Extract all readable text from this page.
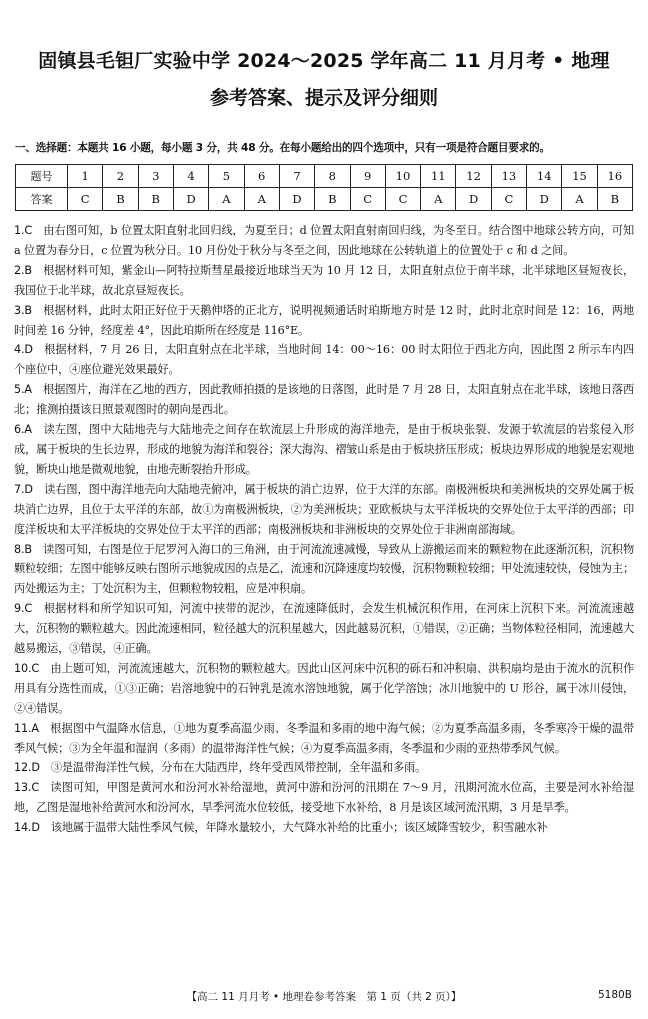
固镇县毛钽厂实验中学 2024～2025 学年高二 11 月月考 • 地理
参考答案、提示及评分细则
一、选择题：本题共 16 小题，每小题 3 分，共 48 分。在每小题给出的四个选项中，只有一项是符合题目要求的。
题号	1	2	3	4	5	6	7	8	9	10	11	12	13	14	15	16
答案	C	B	B	D	A	A	D	B	C	C	A	D	C	D	A	B
1.C　 由右图可知，b 位置太阳直射北回归线，为夏至日；d 位置太阳直射南回归线，为冬至日。结合图中地球公转方向，可知 a 位置为春分日，c 位置为秋分日。10 月份处于秋分与冬至之间，因此地球在公转轨道上的位置处于 c 和 d 之间。
2.B　 根据材料可知，紫金山—阿特拉斯彗星最接近地球当天为 10 月 12 日，太阳直射点位于南半球，北半球地区昼短夜长，我国位于北半球，故北京昼短夜长。
3.B　 根据材料，此时太阳正好位于天鹅伸塔的正北方，说明视频通话时珀斯地方时是 12 时，此时北京时间是 12：16，两地时间差 16 分钟，经度差 4°，因此珀斯所在经度是 116°E。
4.D　 根据材料，7 月 26 日，太阳直射点在北半球，当地时间 14：00～16：00 时太阳位于西北方向，因此图 2 所示车内四个座位中，④座位避光效果最好。
5.A　 根据图片，海洋在乙地的西方，因此教师拍摄的是该地的日落图，此时是 7 月 28 日，太阳直射点在北半球，该地日落西北；推测拍摄该日照景观图时的朝向是西北。
6.A　 读左图，图中大陆地壳与大陆地壳之间存在软流层上升形成的海洋地壳，是由于板块张裂、发源于软流层的岩浆侵入形成，属于板块的生长边界，形成的地貌为海洋和裂谷；深大海沟、褶皱山系是由于板块挤压形成；板块边界形成的地貌是宏观地貌，断块山地是微观地貌，由地壳断裂抬升形成。
7.D　 读右图，图中海洋地壳向大陆地壳俯冲，属于板块的消亡边界，位于大洋的东部。南极洲板块和美洲板块的交界处属于板块消亡边界，且位于太平洋的东部，故①为南极洲板块，②为美洲板块；亚欧板块与太平洋板块的交界处位于太平洋的西部；印度洋板块和太平洋板块的交界处位于太平洋的西部；南极洲板块和非洲板块的交界处位于非洲南部海域。
8.B　 读图可知，右图是位于尼罗河入海口的三角洲，由于河流流速减慢，导致从上游搬运而来的颗粒物在此逐渐沉积，沉积物颗粒较细；左图中能够反映右图所示地貌成因的点是乙，流速和沉降速度均较慢，沉积物颗粒较细；甲处流速较快，侵蚀为主；丙处搬运为主；丁处沉积为主，但颗粒物较粗，应是冲积扇。
9.C　 根据材料和所学知识可知，河流中挟带的泥沙，在流速降低时，会发生机械沉积作用，在河床上沉积下来。河流流速越大，沉积物的颗粒越大。因此流速相同，粒径越大的沉积星越大，因此越易沉积，①错误，②正确；当物体粒径相同，流速越大越易搬运，③错误，④正确。
10.C　 由上题可知，河流流速越大，沉积物的颗粒越大。因此山区河床中沉积的砾石和冲积扇、洪积扇均是由于流水的沉积作用具有分选性而成，①③正确；岩溶地貌中的石钟乳是流水溶蚀地貌，属于化学溶蚀；冰川地貌中的 U 形谷，属于冰川侵蚀，②④错误。
11.A　 根据图中气温降水信息，①地为夏季高温少雨、冬季温和多雨的地中海气候；②为夏季高温多雨，冬季寒冷干燥的温带季风气候；③为全年温和湿润（多雨）的温带海洋性气候；④为夏季高温多雨，冬季温和少雨的亚热带季风气候。
12.D　 ③是温带海洋性气候，分布在大陆西岸，终年受西风带控制，全年温和多雨。
13.C　 读图可知，甲图是黄河水和汾河水补给湿地，黄河中游和汾河的汛期在 7～9 月，汛期河流水位高，主要是河水补给湿地，乙图是湿地补给黄河水和汾河水，旱季河流水位较低，接受地下水补给，8 月是该区域河流汛期，3 月是旱季。
14.D　 该地属于温带大陆性季风气候，年降水量较小，大气降水补给的比重小；该区域降雪较少，积雪融水补
【高二 11 月月考 • 地理卷参考答案　第 1 页（共 2 页）】	5180B
